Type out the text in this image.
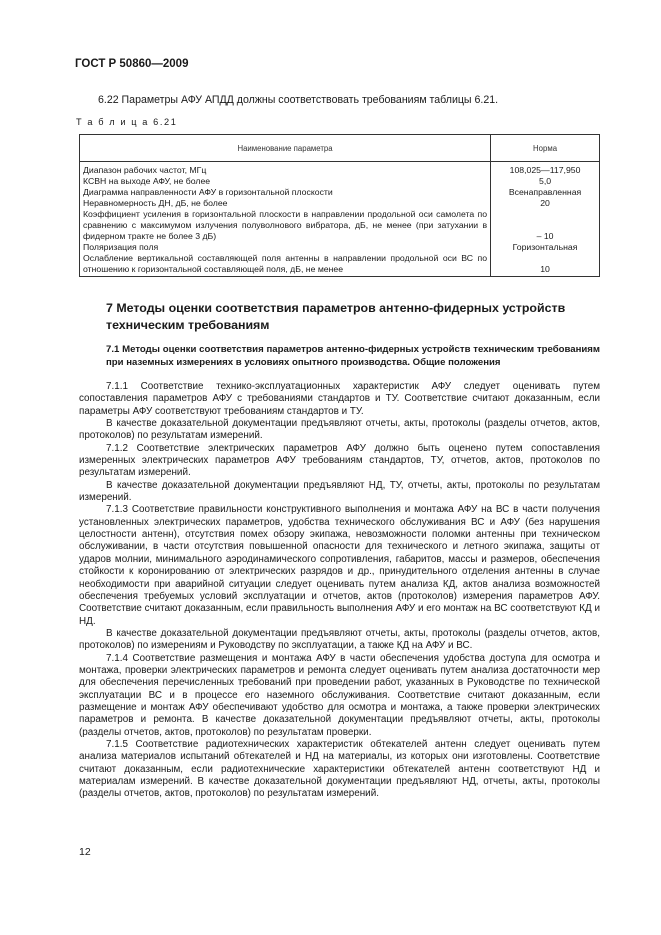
ГОСТ Р 50860—2009
6.22 Параметры АФУ АПДД должны соответствовать требованиям таблицы 6.21.
Т а б л и ц а 6.21
Наименование параметра	Норма
Диапазон рабочих частот, МГц	108,025—117,950
КСВН на выходе АФУ, не более	5,0
Диаграмма направленности АФУ в горизонтальной плоскости	Всенаправленная
Неравномерность ДН, дБ, не более	20
Коэффициент усиления в горизонтальной плоскости в направлении продольной оси самолета по сравнению с максимумом излучения полуволнового вибратора, дБ, не менее (при затухании в фидерном тракте не более 3 дБ)	– 10
Поляризация поля	Горизонтальная
Ослабление вертикальной составляющей поля антенны в направлении продольной оси ВС по отношению к горизонтальной составляющей поля, дБ, не менее	10
7 Методы оценки соответствия параметров антенно-фидерных устройств техническим требованиям
7.1 Методы оценки соответствия параметров антенно-фидерных устройств техническим требованиям при наземных измерениях в условиях опытного производства. Общие положения

7.1.1 Соответствие технико-эксплуатационных характеристик АФУ следует оценивать путем сопоставления параметров АФУ с требованиями стандартов и ТУ. Соответствие считают доказанным, если параметры АФУ соответствуют требованиям стандартов и ТУ.

В качестве доказательной документации предъявляют отчеты, акты, протоколы (разделы отчетов, актов, протоколов) по результатам измерений.

7.1.2 Соответствие электрических параметров АФУ должно быть оценено путем сопоставления измеренных электрических параметров АФУ требованиям стандартов, ТУ, отчетов, актов, протоколов по результатам измерений.

В качестве доказательной документации предъявляют НД, ТУ, отчеты, акты, протоколы по результатам измерений.

7.1.3 Соответствие правильности конструктивного выполнения и монтажа АФУ на ВС в части получения установленных электрических параметров, удобства технического обслуживания ВС и АФУ (без нарушения целостности антенн), отсутствия помех обзору экипажа, невозможности поломки антенны при техническом обслуживании, в части отсутствия повышенной опасности для технического и летного экипажа, защиты от ударов молнии, минимального аэродинамического сопротивления, габаритов, массы и размеров, обеспечения стойкости к коронированию от электрических разрядов и др., принудительного отделения антенны в случае необходимости при аварийной ситуации следует оценивать путем анализа КД, актов анализа возможностей обеспечения требуемых условий эксплуатации и отчетов, актов (протоколов) измерения параметров АФУ. Соответствие считают доказанным, если правильность выполнения АФУ и его монтаж на ВС соответствуют КД и НД.

В качестве доказательной документации предъявляют отчеты, акты, протоколы (разделы отчетов, актов, протоколов) по измерениям и Руководству по эксплуатации, а также КД на АФУ и ВС.

7.1.4 Соответствие размещения и монтажа АФУ в части обеспечения удобства доступа для осмотра и монтажа, проверки электрических параметров и ремонта следует оценивать путем анализа достаточности мер для обеспечения перечисленных требований при проведении работ, указанных в Руководстве по технической эксплуатации ВС и в процессе его наземного обслуживания. Соответствие считают доказанным, если размещение и монтаж АФУ обеспечивают удобство для осмотра и монтажа, а также проверки электрических параметров и ремонта. В качестве доказательной документации предъявляют отчеты, акты, протоколы (разделы отчетов, актов, протоколов) по результатам проверки.

7.1.5 Соответствие радиотехнических характеристик обтекателей антенн следует оценивать путем анализа материалов испытаний обтекателей и НД на материалы, из которых они изготовлены. Соответствие считают доказанным, если радиотехнические характеристики обтекателей антенн соответствуют НД и материалам измерений. В качестве доказательной документации предъявляют НД, отчеты, акты, протоколы (разделы отчетов, актов, протоколов) по результатам измерений.

12
